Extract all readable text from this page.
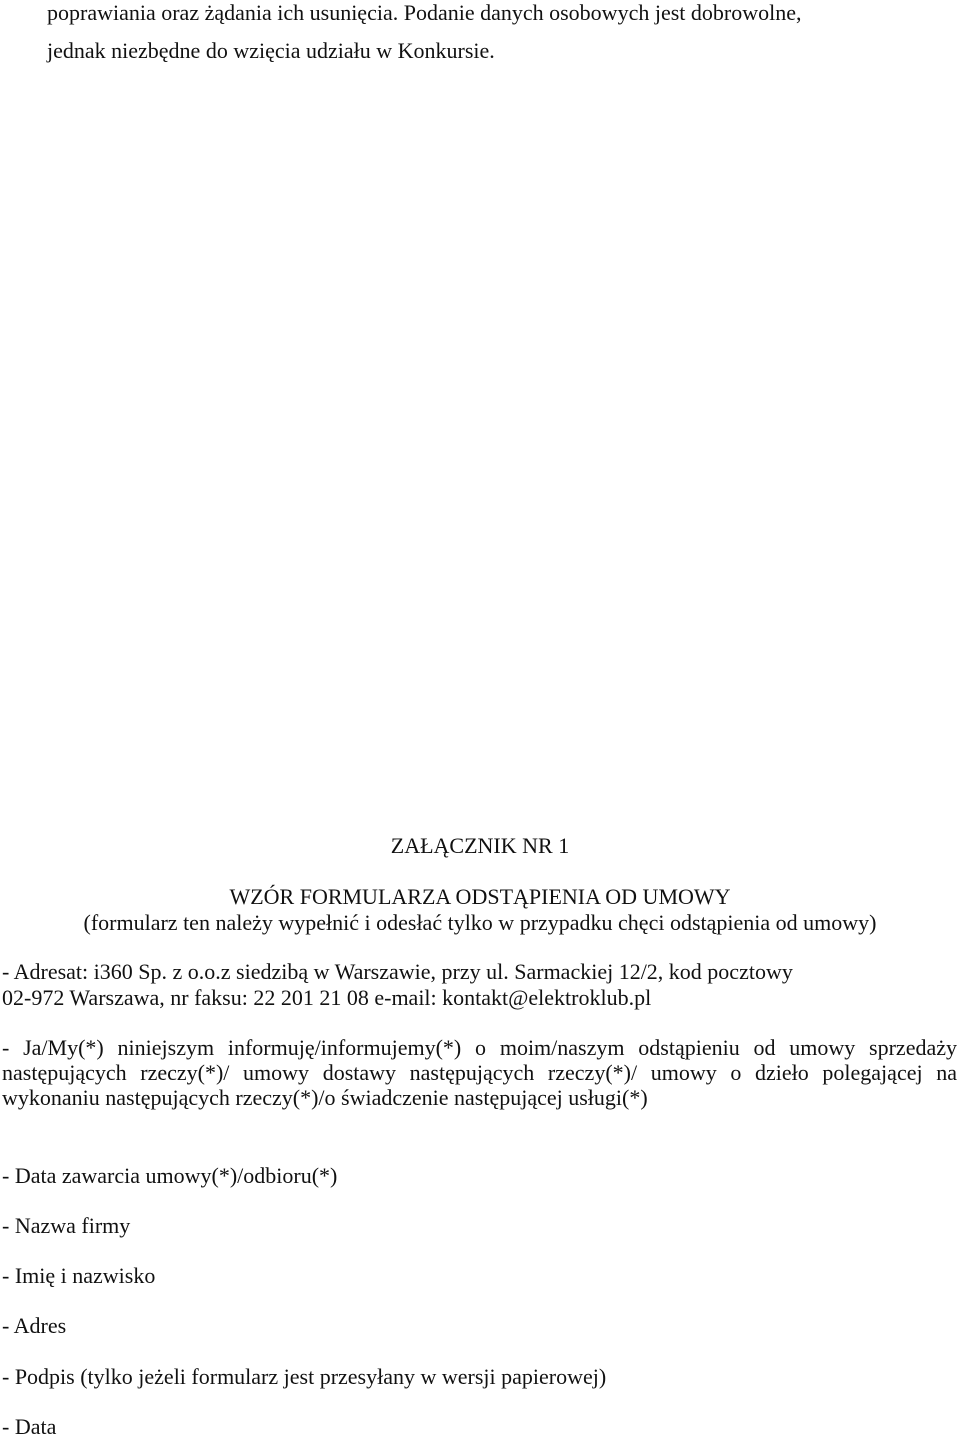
poprawiania oraz żądania ich usunięcia. Podanie danych osobowych jest dobrowolne,
jednak niezbędne do wzięcia udziału w Konkursie.
ZAŁĄCZNIK NR 1
WZÓR FORMULARZA ODSTĄPIENIA OD UMOWY
(formularz ten należy wypełnić i odesłać tylko w przypadku chęci odstąpienia od umowy)
- Adresat: i360 Sp. z o.o.z siedzibą w Warszawie, przy ul. Sarmackiej 12/2, kod pocztowy
02-972 Warszawa, nr faksu: 22 201 21 08 e-mail: kontakt@elektroklub.pl
- Ja/My(*) niniejszym informuję/informujemy(*) o moim/naszym odstąpieniu od umowy sprzedaży następujących rzeczy(*)/ umowy dostawy następujących rzeczy(*)/ umowy o dzieło polegającej na wykonaniu następujących rzeczy(*)/o świadczenie następującej usługi(*)
- Data zawarcia umowy(*)/odbioru(*)
- Nazwa firmy
- Imię i nazwisko
- Adres
- Podpis (tylko jeżeli formularz jest przesyłany w wersji papierowej)
- Data
